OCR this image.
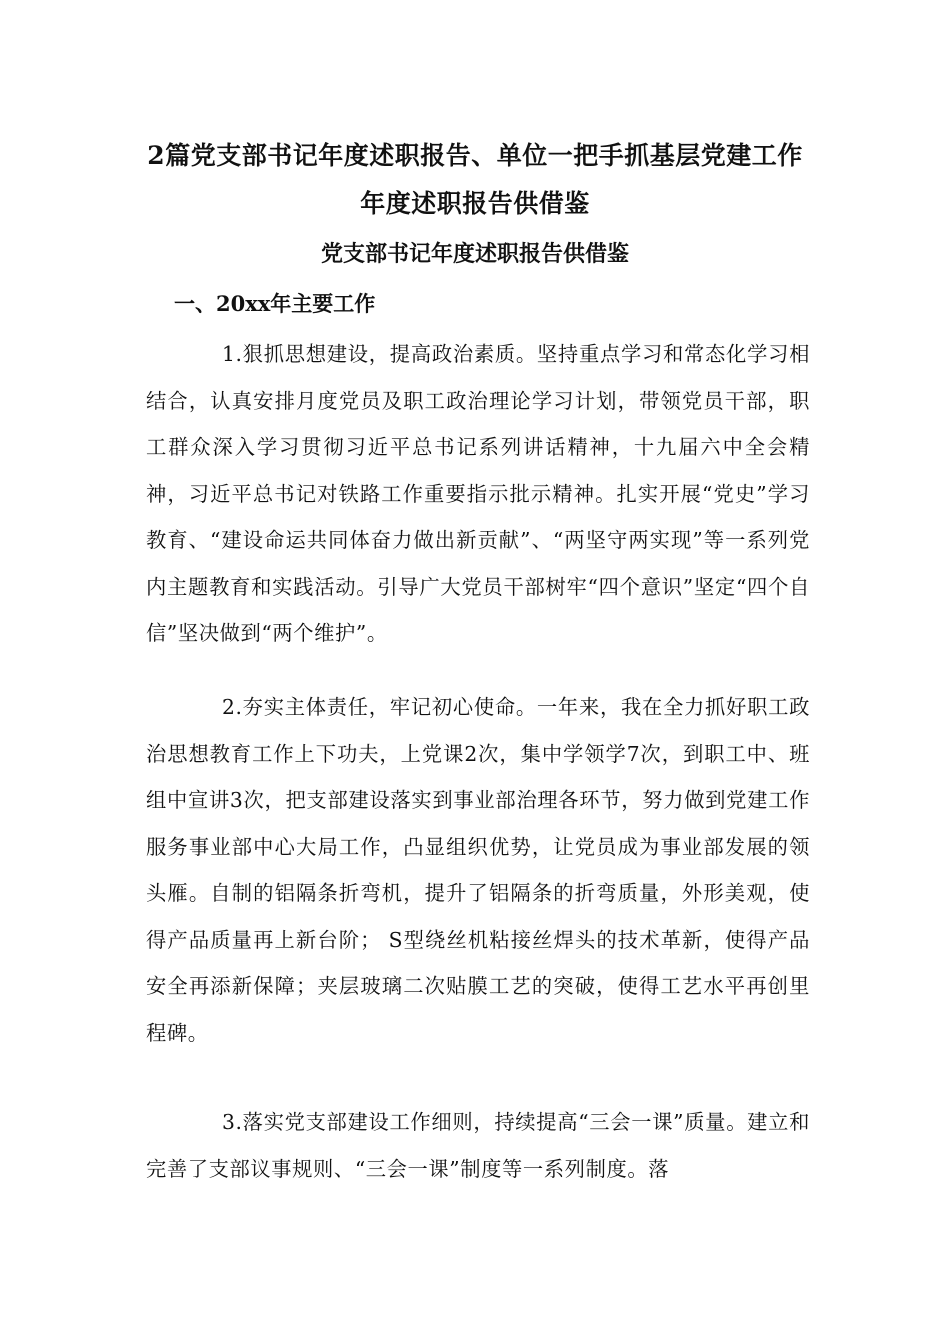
2篇党支部书记年度述职报告、单位一把手抓基层党建工作
年度述职报告供借鉴
党支部书记年度述职报告供借鉴
一、20xx年主要工作

1.狠抓思想建设，提高政治素质。坚持重点学习和常态化学习相结合，认真安排月度党员及职工政治理论学习计划，带领党员干部，职工群众深入学习贯彻习近平总书记系列讲话精神，十九届六中全会精神，习近平总书记对铁路工作重要指示批示精神。扎实开展“党史”学习教育、“建设命运共同体奋力做出新贡献”、“两坚守两实现”等一系列党内主题教育和实践活动。引导广大党员干部树牢“四个意识”坚定“四个自信”坚决做到“两个维护”。

2.夯实主体责任，牢记初心使命。一年来，我在全力抓好职工政治思想教育工作上下功夫，上党课2次，集中学领学7次，到职工中、班组中宣讲3次，把支部建设落实到事业部治理各环节，努力做到党建工作服务事业部中心大局工作，凸显组织优势，让党员成为事业部发展的领头雁。自制的铝隔条折弯机，提升了铝隔条的折弯质量，外形美观，使得产品质量再上新台阶； S型绕丝机粘接丝焊头的技术革新，使得产品安全再添新保障；夹层玻璃二次贴膜工艺的突破，使得工艺水平再创里程碑。

3.落实党支部建设工作细则，持续提高“三会一课”质量。建立和完善了支部议事规则、“三会一课”制度等一系列制度。落
